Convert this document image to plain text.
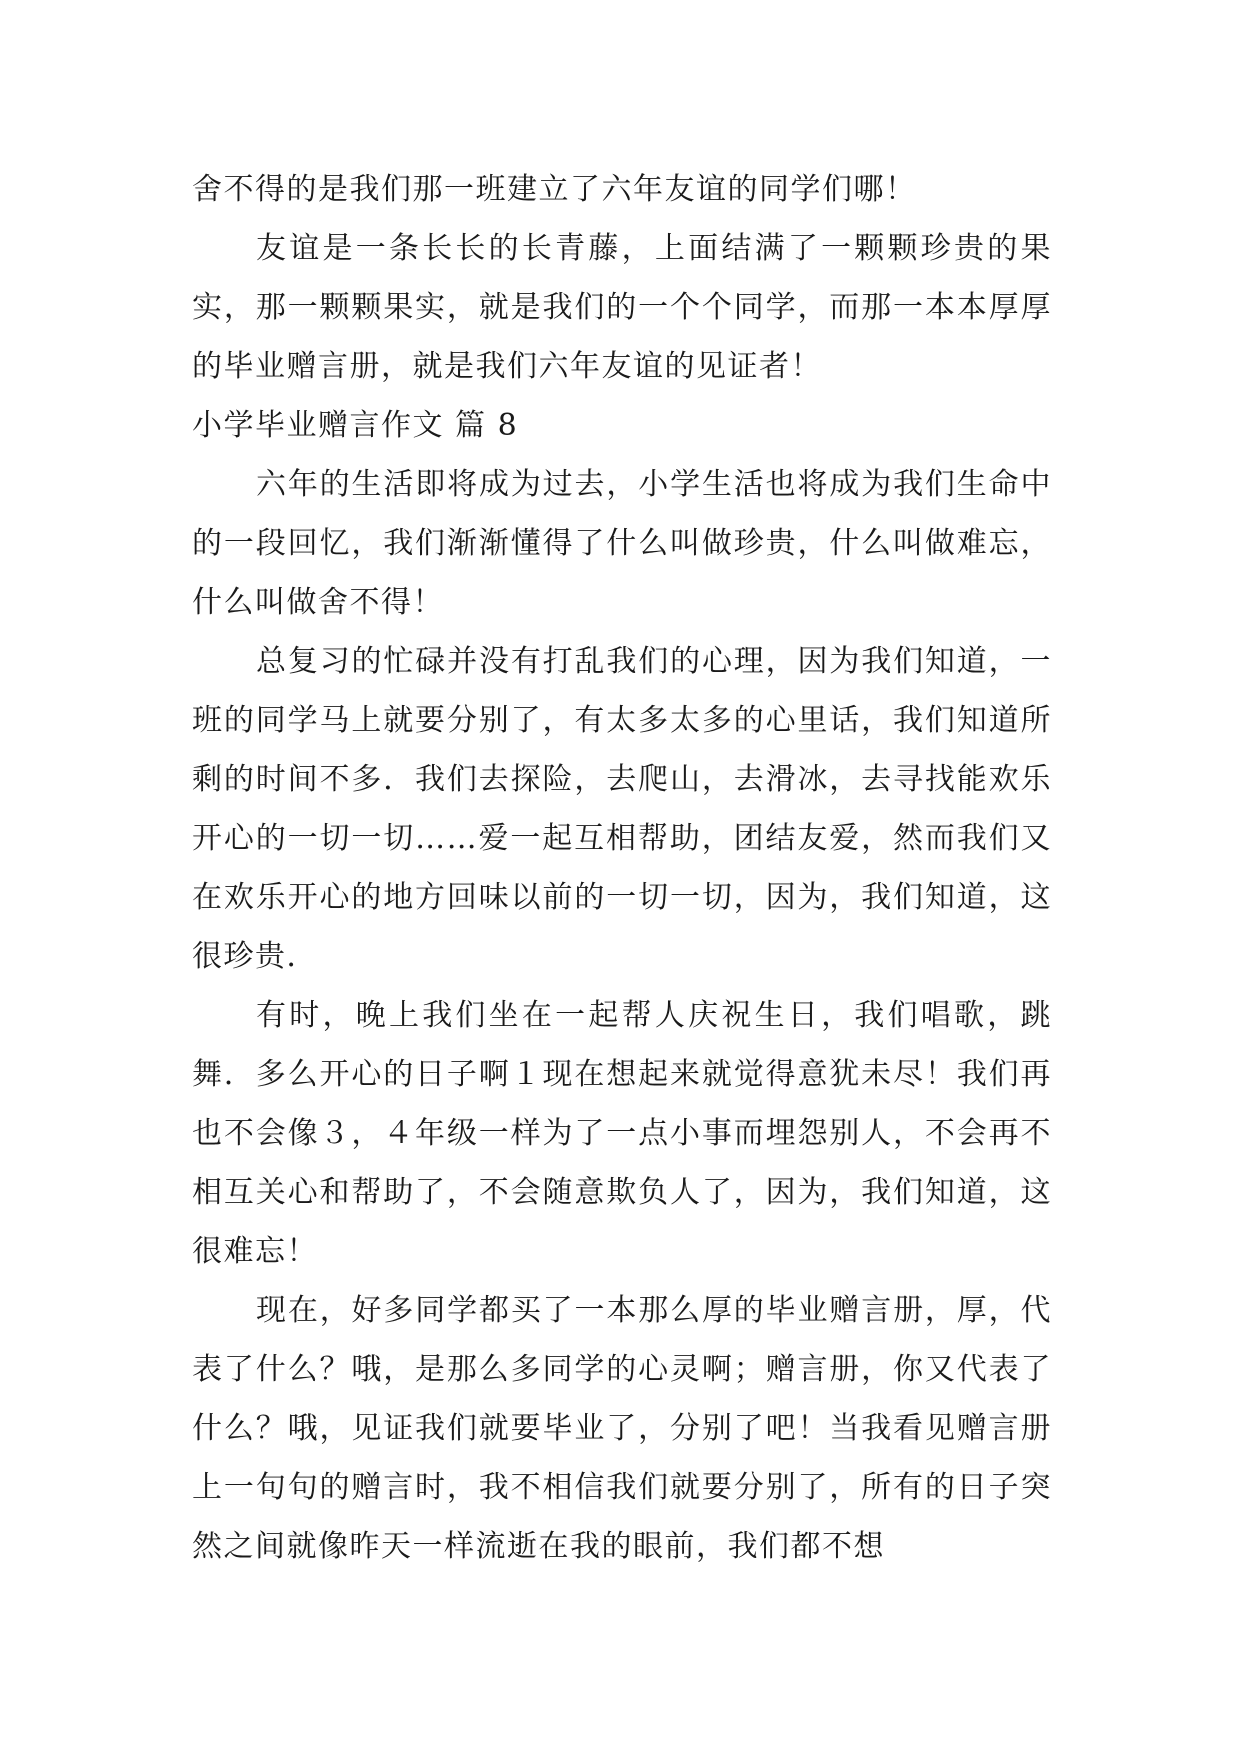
舍不得的是我们那一班建立了六年友谊的同学们哪！

友谊是一条长长的长青藤，上面结满了一颗颗珍贵的果实，那一颗颗果实，就是我们的一个个同学，而那一本本厚厚的毕业赠言册，就是我们六年友谊的见证者！

小学毕业赠言作文 篇 8

六年的生活即将成为过去，小学生活也将成为我们生命中的一段回忆，我们渐渐懂得了什么叫做珍贵，什么叫做难忘，什么叫做舍不得！

总复习的忙碌并没有打乱我们的心理，因为我们知道，一班的同学马上就要分别了，有太多太多的心里话，我们知道所剩的时间不多．我们去探险，去爬山，去滑冰，去寻找能欢乐开心的一切一切……爱一起互相帮助，团结友爱，然而我们又在欢乐开心的地方回味以前的一切一切，因为，我们知道，这很珍贵．

有时，晚上我们坐在一起帮人庆祝生日，我们唱歌，跳舞．多么开心的日子啊１现在想起来就觉得意犹未尽！我们再也不会像３，４年级一样为了一点小事而埋怨别人，不会再不相互关心和帮助了，不会随意欺负人了，因为，我们知道，这很难忘！

现在，好多同学都买了一本那么厚的毕业赠言册，厚，代表了什么？哦，是那么多同学的心灵啊；赠言册，你又代表了什么？哦，见证我们就要毕业了，分别了吧！当我看见赠言册上一句句的赠言时，我不相信我们就要分别了，所有的日子突然之间就像昨天一样流逝在我的眼前，我们都不想
